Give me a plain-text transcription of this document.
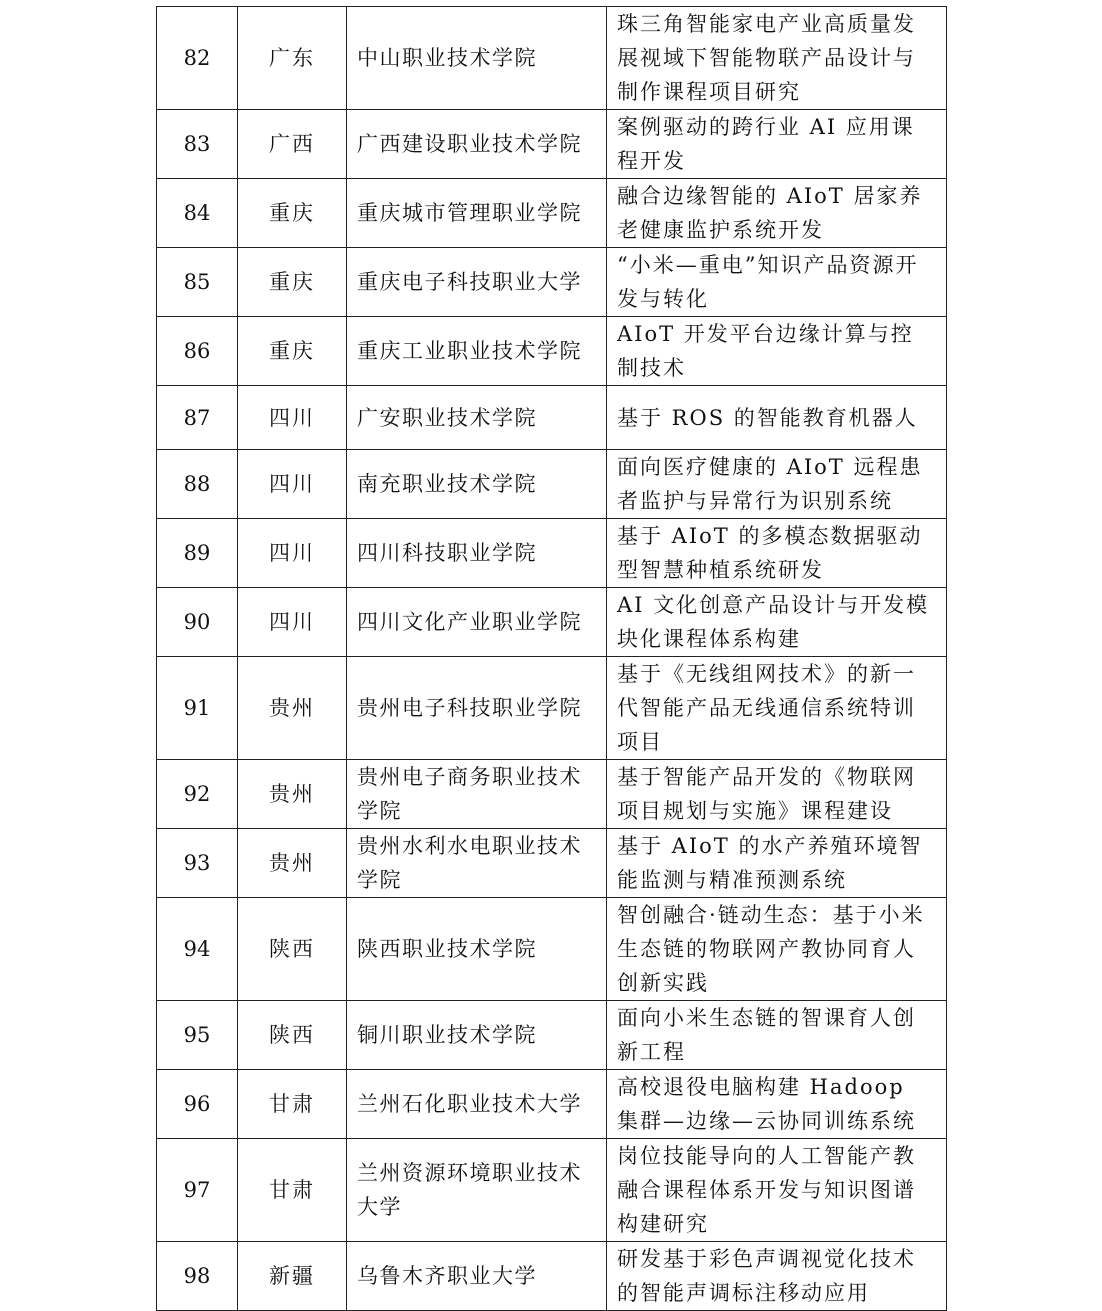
82	广东	中山职业技术学院	珠三角智能家电产业高质量发展视域下智能物联产品设计与制作课程项目研究
83	广西	广西建设职业技术学院	案例驱动的跨行业 AI 应用课程开发
84	重庆	重庆城市管理职业学院	融合边缘智能的 AIoT 居家养老健康监护系统开发
85	重庆	重庆电子科技职业大学	“小米—重电”知识产品资源开发与转化
86	重庆	重庆工业职业技术学院	AIoT 开发平台边缘计算与控制技术
87	四川	广安职业技术学院	基于 ROS 的智能教育机器人
88	四川	南充职业技术学院	面向医疗健康的 AIoT 远程患者监护与异常行为识别系统
89	四川	四川科技职业学院	基于 AIoT 的多模态数据驱动型智慧种植系统研发
90	四川	四川文化产业职业学院	AI 文化创意产品设计与开发模块化课程体系构建
91	贵州	贵州电子科技职业学院	基于《无线组网技术》的新一代智能产品无线通信系统特训项目
92	贵州	贵州电子商务职业技术学院	基于智能产品开发的《物联网项目规划与实施》课程建设
93	贵州	贵州水利水电职业技术学院	基于 AIoT 的水产养殖环境智能监测与精准预测系统
94	陕西	陕西职业技术学院	智创融合·链动生态：基于小米生态链的物联网产教协同育人创新实践
95	陕西	铜川职业技术学院	面向小米生态链的智课育人创新工程
96	甘肃	兰州石化职业技术大学	高校退役电脑构建 Hadoop 集群—边缘—云协同训练系统
97	甘肃	兰州资源环境职业技术大学	岗位技能导向的人工智能产教融合课程体系开发与知识图谱构建研究
98	新疆	乌鲁木齐职业大学	研发基于彩色声调视觉化技术的智能声调标注移动应用
